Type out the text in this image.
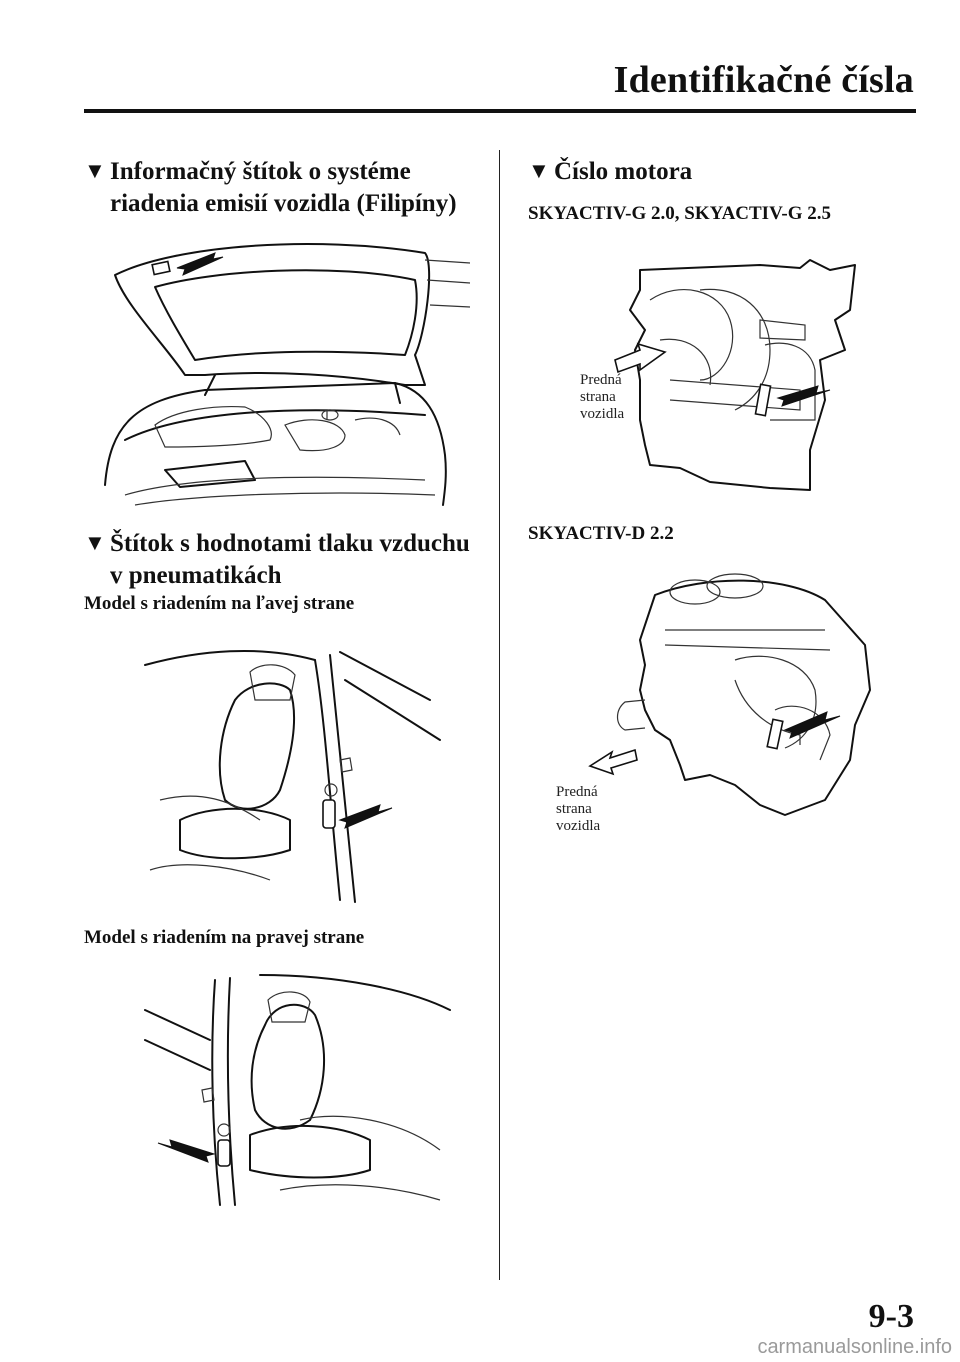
Identifikačné čísla
▼ Informačný štítok o systéme
riadenia emisií vozidla (Filipíny)
▼ Štítok s hodnotami tlaku vzduchu
v pneumatikách
Model s riadením na ľavej strane
Model s riadením na pravej strane
▼ Číslo motora
SKYACTIV-G 2.0, SKYACTIV-G 2.5
Predná
strana
vozidla
SKYACTIV-D 2.2
Predná
strana
vozidla
9-3
carmanualsonline.info
